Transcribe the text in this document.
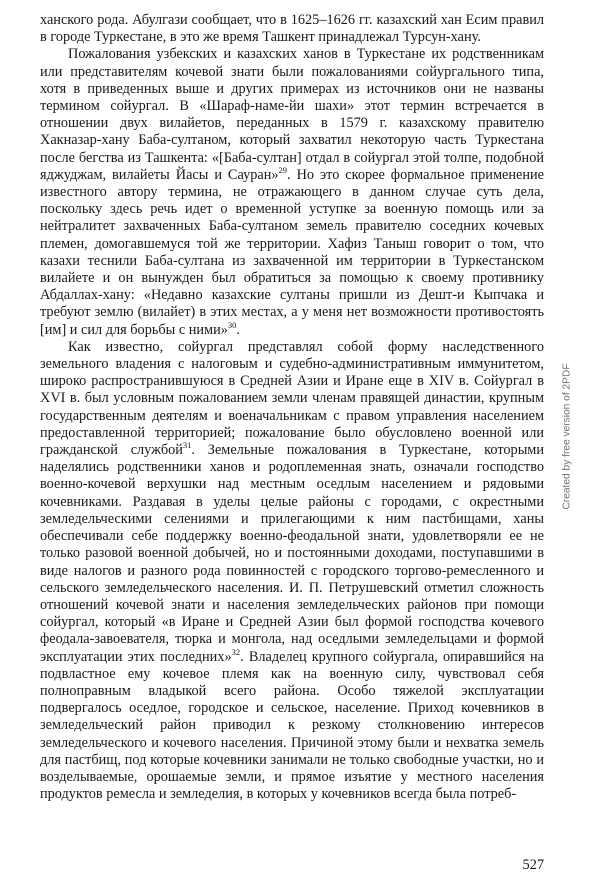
ханского рода. Абулгази сообщает, что в 1625–1626 гг. казахский хан Есим правил в городе Туркестане, в это же время Ташкент принадлежал Турсун-хану.

Пожалования узбекских и казахских ханов в Туркестане их родственникам или представителям кочевой знати были пожалованиями сойургального типа, хотя в приведенных выше и других примерах из источников они не названы термином сойургал. В «Шараф-наме-йи шахи» этот термин встречается в отношении двух вилайетов, переданных в 1579 г. казахскому правителю Хакназар-хану Баба-султаном, который захватил некоторую часть Туркестана после бегства из Ташкента: «[Баба-султан] отдал в сойургал этой толпе, подобной яджуджам, вилайеты Йасы и Сауран»$^{29}$. Но это скорее формальное применение известного автору термина, не отражающего в данном случае суть дела, поскольку здесь речь идет о временной уступке за военную помощь или за нейтралитет захваченных Баба-султаном земель правителю соседних кочевых племен, домогавшемуся той же территории. Хафиз Таныш говорит о том, что казахи теснили Баба-султана из захваченной им территории в Туркестанском вилайете и он вынужден был обратиться за помощью к своему противнику Абдаллах-хану: «Недавно казахские султаны пришли из Дешт-и Кыпчака и требуют землю (вилайет) в этих местах, а у меня нет возможности противостоять [им] и сил для борьбы с ними»$^{30}$.

Как известно, сойургал представлял собой форму наследственного земельного владения с налоговым и судебно-административным иммунитетом, широко распространившуюся в Средней Азии и Иране еще в XIV в. Сойургал в XVI в. был условным пожалованием земли членам правящей династии, крупным государственным деятелям и военачальникам с правом управления населением предоставленной территорией; пожалование было обусловлено военной или гражданской службой$^{31}$. Земельные пожалования в Туркестане, которыми наделялись родственники ханов и родоплеменная знать, означали господство военно-кочевой верхушки над местным оседлым населением и рядовыми кочевниками. Раздавая в уделы целые районы с городами, с окрестными земледельческими селениями и прилегающими к ним пастбищами, ханы обеспечивали себе поддержку военно-феодальной знати, удовлетворяли ее не только разовой военной добычей, но и постоянными доходами, поступавшими в виде налогов и разного рода повинностей с городского торгово-ремесленного и сельского земледельческого населения. И. П. Петрушевский отметил сложность отношений кочевой знати и населения земледельческих районов при помощи сойургал, который «в Иране и Средней Азии был формой господства кочевого феодала-завоевателя, тюрка и монгола, над оседлыми земледельцами и формой эксплуатации этих последних»$^{32}$. Владелец крупного сойургала, опиравшийся на подвластное ему кочевое племя как на военную силу, чувствовал себя полноправным владыкой всего района. Особо тяжелой эксплуатации подвергалось оседлое, городское и сельское, население. Приход кочевников в земледельческий район приводил к резкому столкновению интересов земледельческого и кочевого населения. Причиной этому были и нехватка земель для пастбищ, под которые кочевники занимали не только свободные участки, но и возделываемые, орошаемые земли, и прямое изъятие у местного населения продуктов ремесла и земледелия, в которых у кочевников всегда была потреб-

Created by free version of 2PDF
527
